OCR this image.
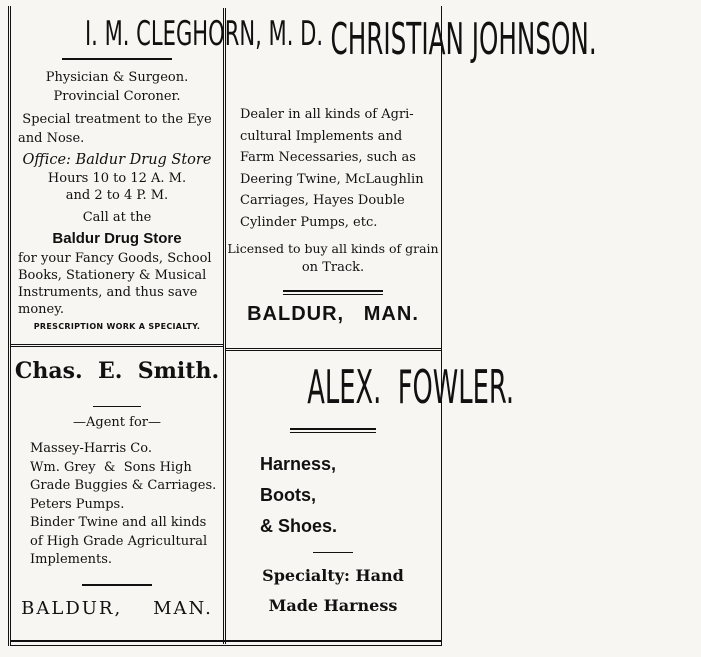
I. M. CLEGHORN, M. D.
Physician & Surgeon.
Provincial Coroner.
Special treatment to the Eye
and Nose.
Office: Baldur Drug Store
Hours 10 to 12 A. M.
and 2 to 4 P. M.
Call at the
Baldur Drug Store
for your Fancy Goods, School
Books, Stationery & Musical
Instruments, and thus save
money.
PRESCRIPTION WORK A SPECIALTY.
CHRISTIAN JOHNSON.
Dealer in all kinds of Agri-
cultural Implements and
Farm Necessaries, such as
Deering Twine, McLaughlin
Carriages, Hayes Double
Cylinder Pumps, etc.
Licensed to buy all kinds of grain
on Track.
BALDUR,   MAN.
Chas.  E.  Smith.
—Agent for—
Massey-Harris Co.
Wm. Grey  &  Sons High
Grade Buggies & Carriages.
Peters Pumps.
Binder Twine and all kinds
of High Grade Agricultural
Implements.
BALDUR,    MAN.
ALEX.  FOWLER.
Harness,
Boots,
& Shoes.
Specialty: Hand
Made Harness
